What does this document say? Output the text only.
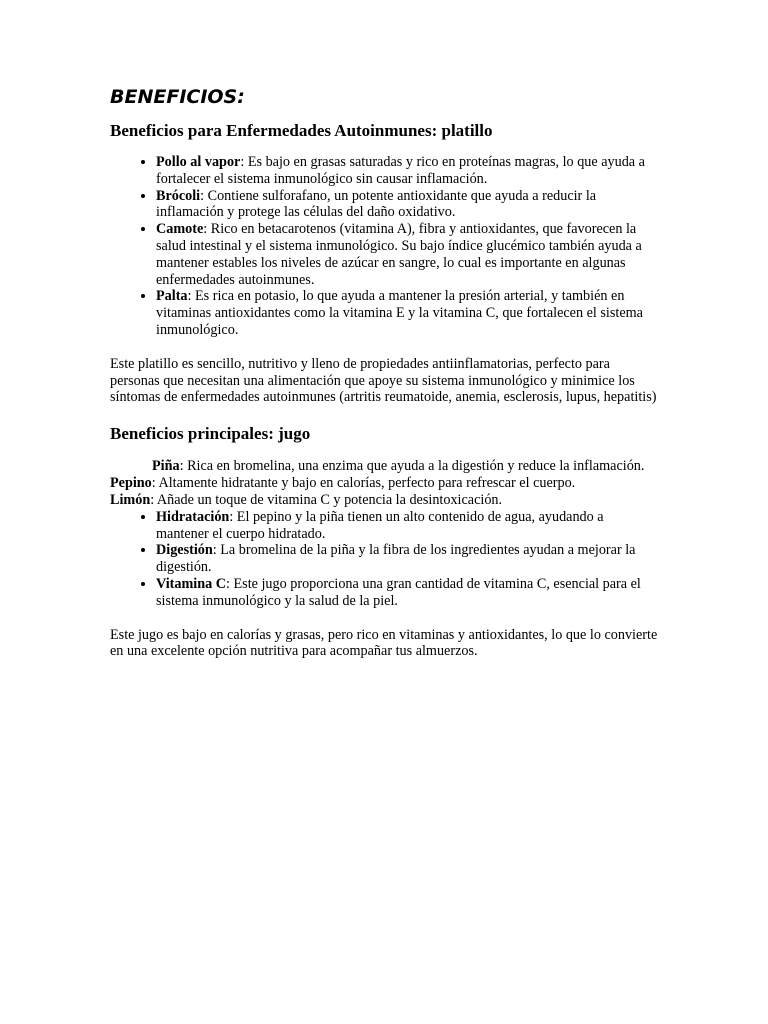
BENEFICIOS:
Beneficios para Enfermedades Autoinmunes: platillo
• Pollo al vapor: Es bajo en grasas saturadas y rico en proteínas magras, lo que ayuda a fortalecer el sistema inmunológico sin causar inflamación.
• Brócoli: Contiene sulforafano, un potente antioxidante que ayuda a reducir la inflamación y protege las células del daño oxidativo.
• Camote: Rico en betacarotenos (vitamina A), fibra y antioxidantes, que favorecen la salud intestinal y el sistema inmunológico. Su bajo índice glucémico también ayuda a mantener estables los niveles de azúcar en sangre, lo cual es importante en algunas enfermedades autoinmunes.
• Palta: Es rica en potasio, lo que ayuda a mantener la presión arterial, y también en vitaminas antioxidantes como la vitamina E y la vitamina C, que fortalecen el sistema inmunológico.

Este platillo es sencillo, nutritivo y lleno de propiedades antiinflamatorias, perfecto para personas que necesitan una alimentación que apoye su sistema inmunológico y minimice los síntomas de enfermedades autoinmunes (artritis reumatoide, anemia, esclerosis, lupus, hepatitis)

Beneficios principales: jugo

Piña: Rica en bromelina, una enzima que ayuda a la digestión y reduce la inflamación.

Pepino: Altamente hidratante y bajo en calorías, perfecto para refrescar el cuerpo.

Limón: Añade un toque de vitamina C y potencia la desintoxicación.

• Hidratación: El pepino y la piña tienen un alto contenido de agua, ayudando a mantener el cuerpo hidratado.
• Digestión: La bromelina de la piña y la fibra de los ingredientes ayudan a mejorar la digestión.
• Vitamina C: Este jugo proporciona una gran cantidad de vitamina C, esencial para el sistema inmunológico y la salud de la piel.

Este jugo es bajo en calorías y grasas, pero rico en vitaminas y antioxidantes, lo que lo convierte en una excelente opción nutritiva para acompañar tus almuerzos.
